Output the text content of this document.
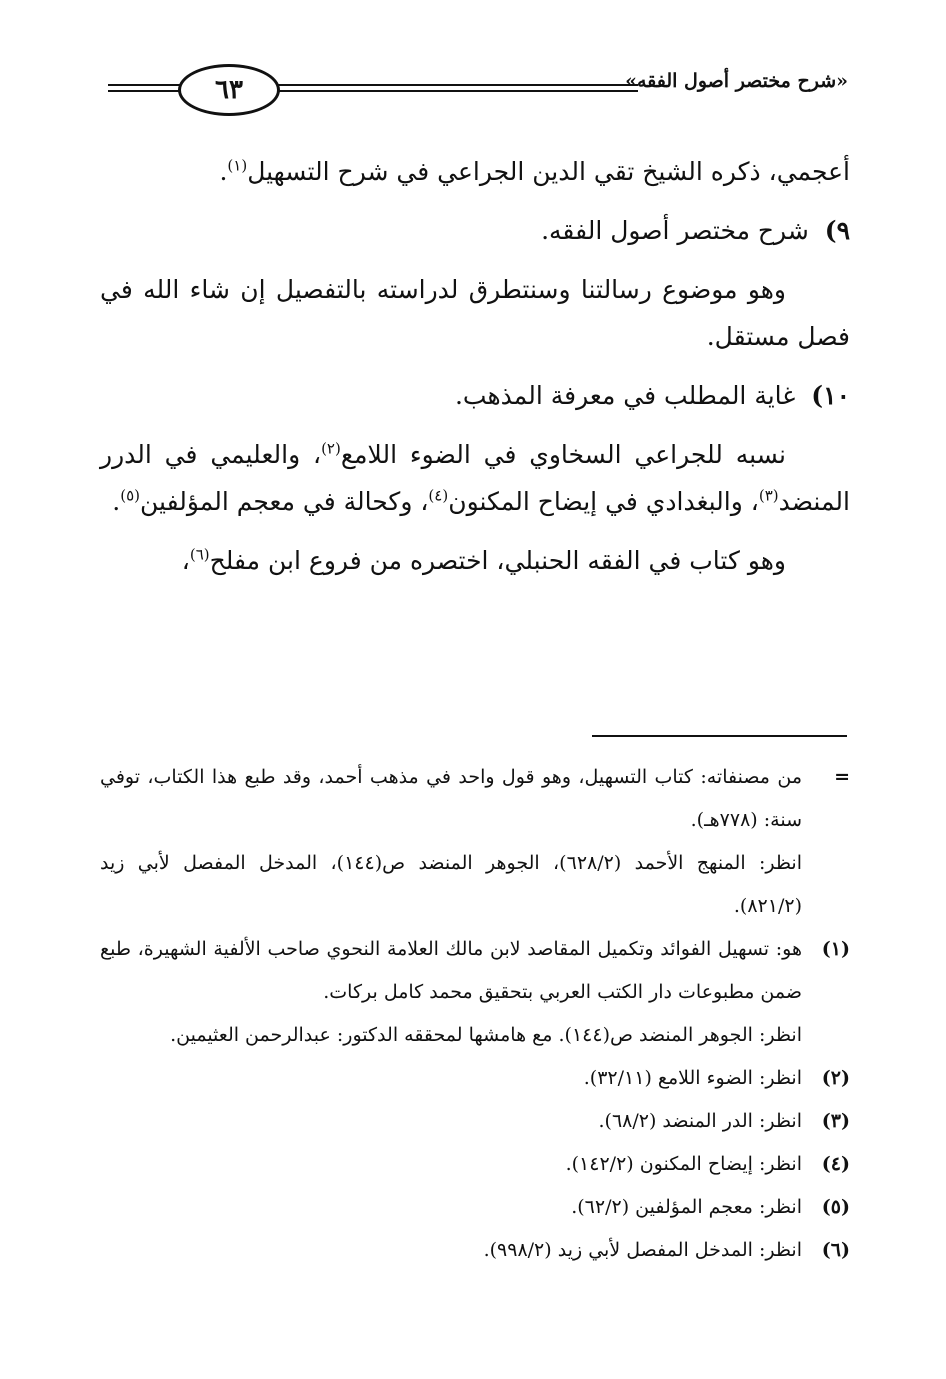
٦٣	«شرح مختصر أصول الفقه»

أعجمي، ذكره الشيخ تقي الدين الجراعي في شرح التسهيل$^{(١)}$.

٩)  شرح مختصر أصول الفقه.

وهو موضوع رسالتنا وسنتطرق لدراسته بالتفصيل إن شاء الله في فصل مستقل.

١٠)  غاية المطلب في معرفة المذهب.

نسبه للجراعي السخاوي في الضوء اللامع$^{(٢)}$، والعليمي في الدرر المنضد$^{(٣)}$، والبغدادي في إيضاح المكنون$^{(٤)}$، وكحالة في معجم المؤلفين$^{(٥)}$.

وهو كتاب في الفقه الحنبلي، اختصره من فروع ابن مفلح$^{(٦)}$،

=

من مصنفاته: كتاب التسهيل، وهو قول واحد في مذهب أحمد، وقد طبع هذا الكتاب، توفي سنة: (٧٧٨هـ).

انظر: المنهج الأحمد (٦٢٨/٢)، الجوهر المنضد ص(١٤٤)، المدخل المفصل لأبي زيد (٨٢١/٢).

(١)

هو: تسهيل الفوائد وتكميل المقاصد لابن مالك العلامة النحوي صاحب الألفية الشهيرة، طبع ضمن مطبوعات دار الكتب العربي بتحقيق محمد كامل بركات.

انظر: الجوهر المنضد ص(١٤٤). مع هامشها لمحققه الدكتور: عبدالرحمن العثيمين.

(٢)

انظر: الضوء اللامع (٣٢/١١).

(٣)

انظر: الدر المنضد (٦٨/٢).

(٤)

انظر: إيضاح المكنون (١٤٢/٢).

(٥)

انظر: معجم المؤلفين (٦٢/٢).

(٦)

انظر: المدخل المفصل لأبي زيد (٩٩٨/٢).
